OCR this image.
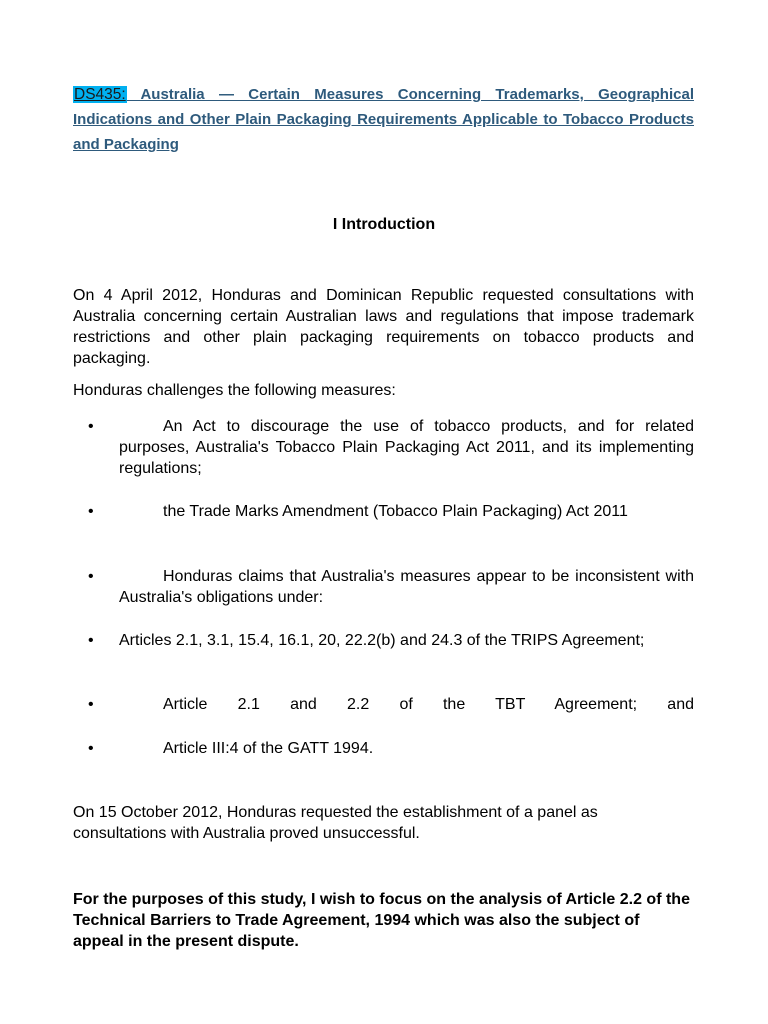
DS435: Australia — Certain Measures Concerning Trademarks, Geographical Indications and Other Plain Packaging Requirements Applicable to Tobacco Products and Packaging
I Introduction

On 4 April 2012, Honduras and Dominican Republic requested consultations with Australia concerning certain Australian laws and regulations that impose trademark restrictions and other plain packaging requirements on tobacco products and packaging.

Honduras challenges the following measures:

•	An Act to discourage the use of tobacco products, and for related purposes, Australia's Tobacco Plain Packaging Act 2011, and its implementing regulations;
•	the Trade Marks Amendment (Tobacco Plain Packaging) Act 2011
•	Honduras claims that Australia's measures appear to be inconsistent with Australia's obligations under:
• Articles 2.1, 3.1, 15.4, 16.1, 20, 22.2(b) and 24.3 of the TRIPS Agreement;
•	Article 2.1 and 2.2 of the TBT Agreement; and
•	Article III:4 of the GATT 1994.

On 15 October 2012, Honduras requested the establishment of a panel as consultations with Australia proved unsuccessful.

For the purposes of this study, I wish to focus on the analysis of Article 2.2 of the Technical Barriers to Trade Agreement, 1994 which was also the subject of appeal in the present dispute.
